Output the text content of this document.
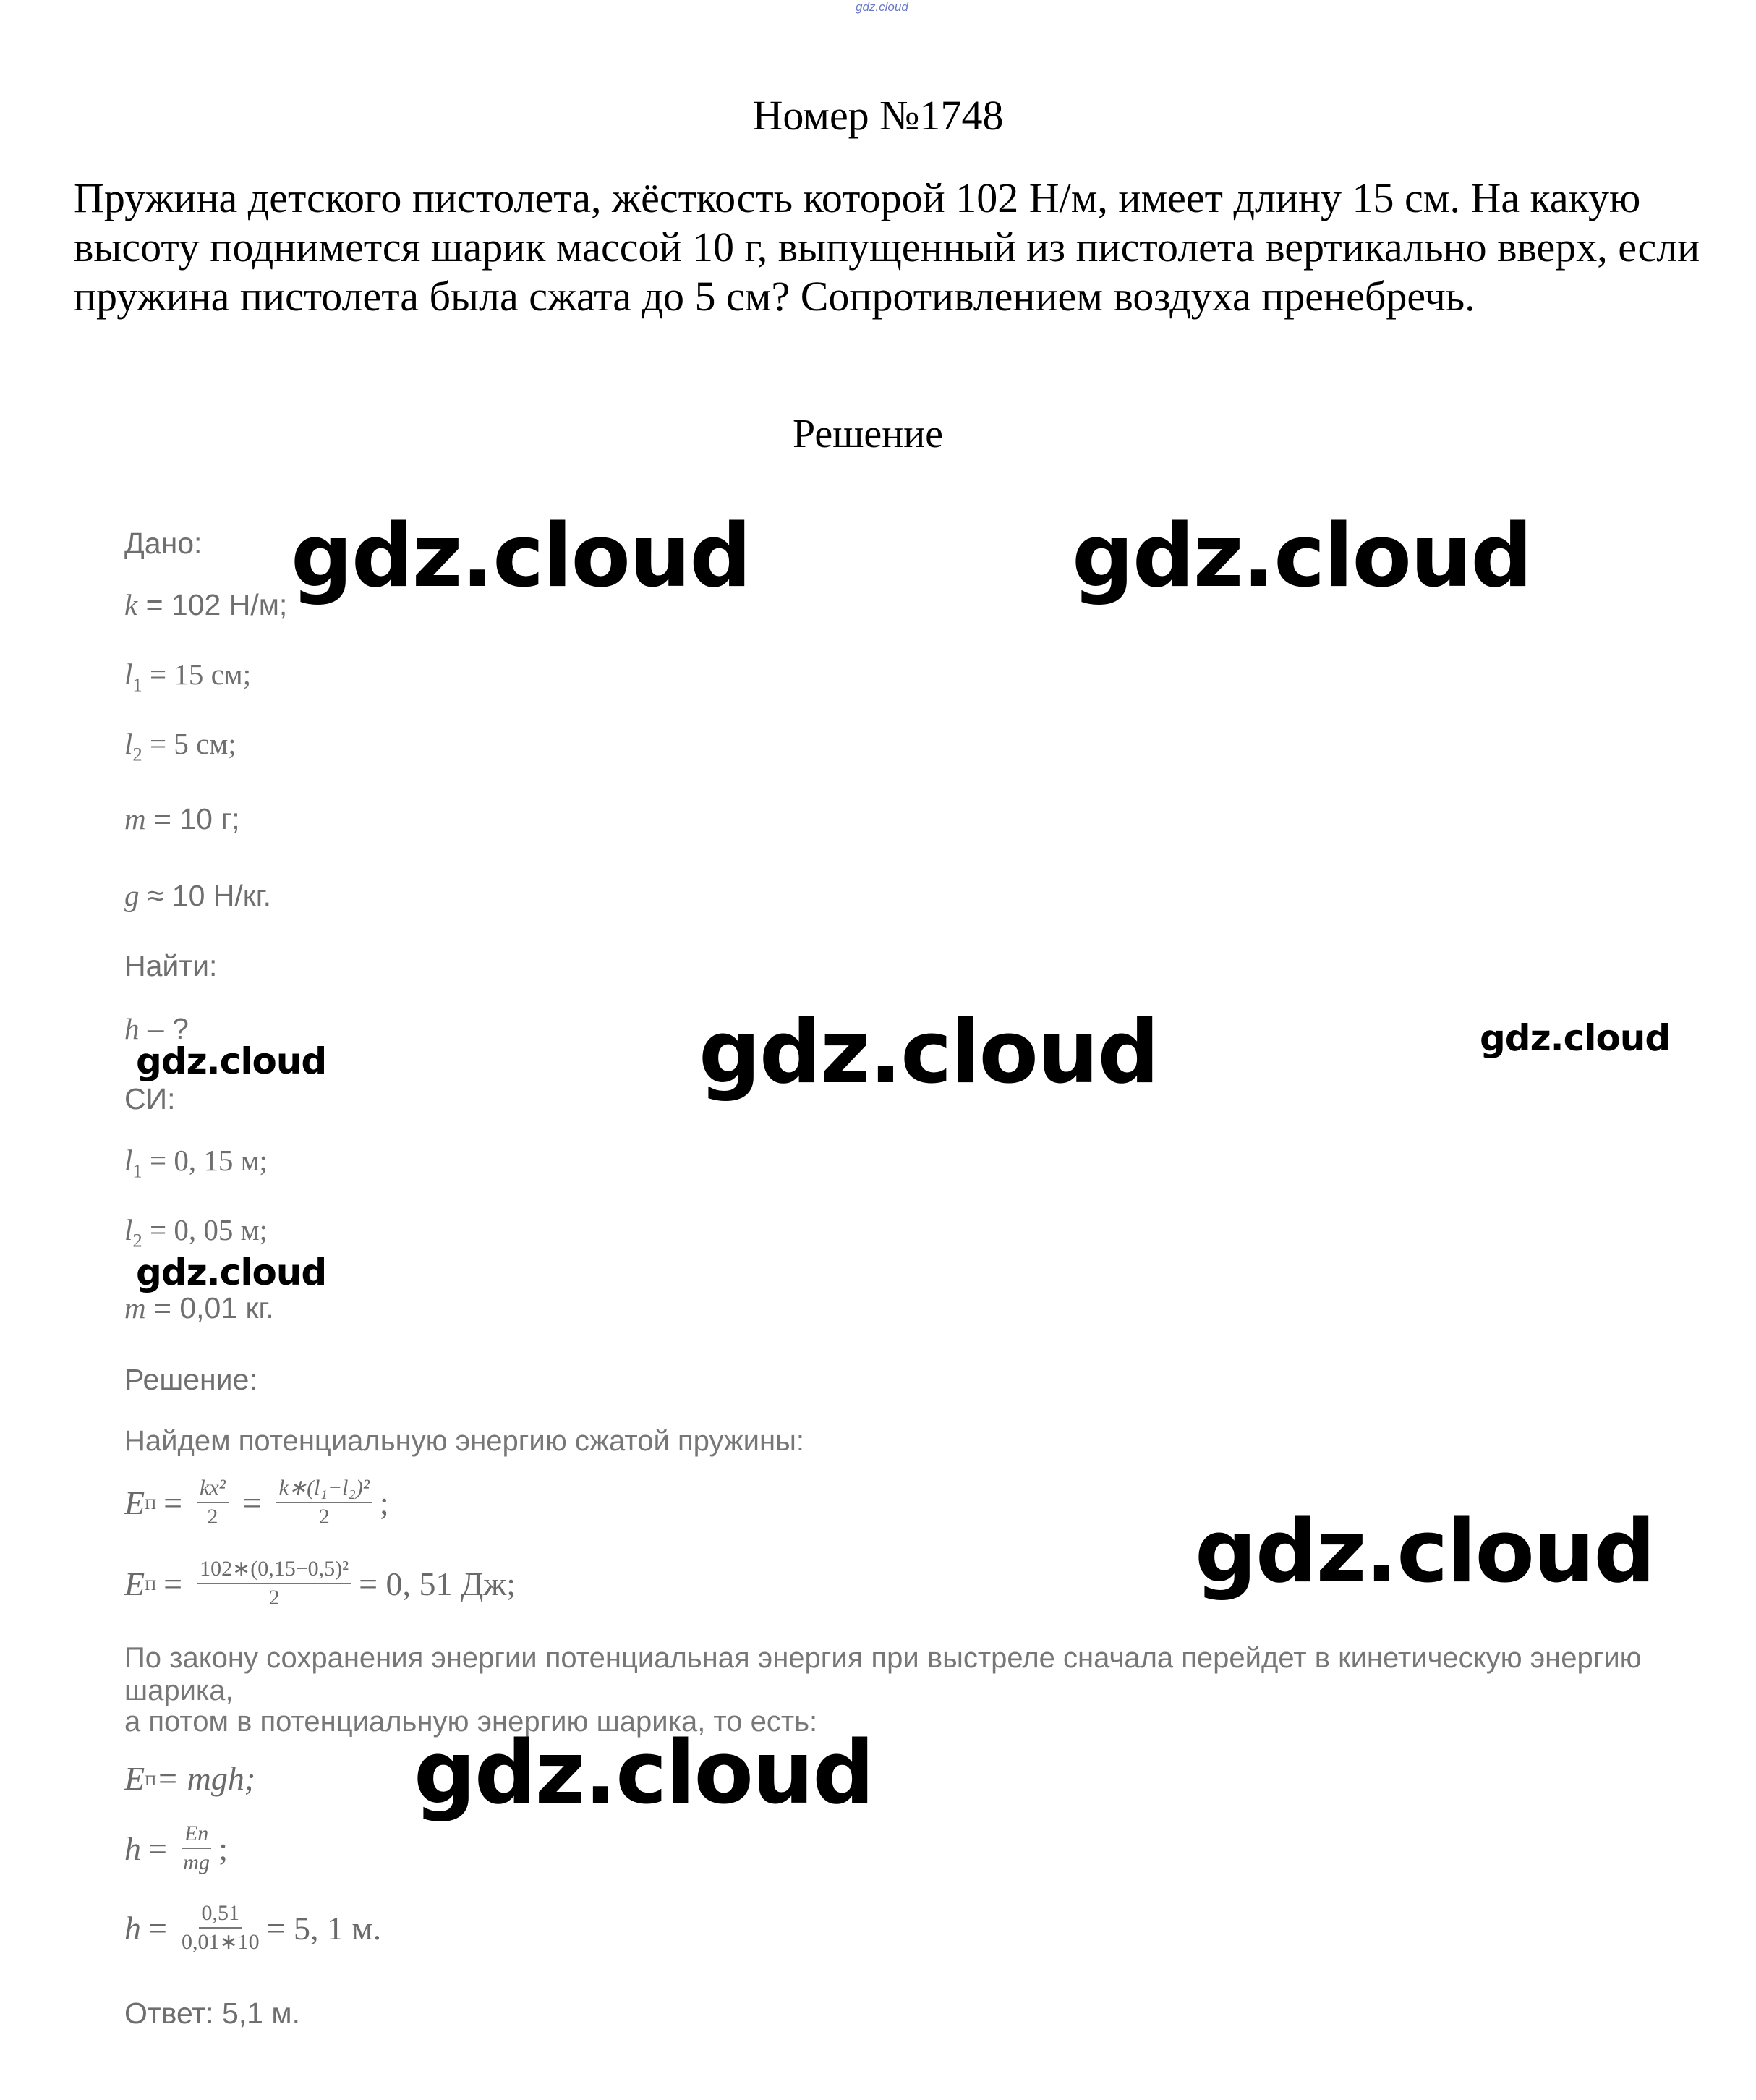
gdz.cloud
Номер №1748
Пружина детского пистолета, жёсткость которой 102 Н/м, имеет длину 15 см. На какую высоту поднимется шарик массой 10 г, выпущенный из пистолета вертикально вверх, если пружина пистолета была сжата до 5 см? Сопротивлением воздуха пренебречь.
Решение
Дано:
k = 102 Н/м;
$l_1 = 15$ см;
$l_2 = 5$ см;
m = 10 г;
g ≈ 10 Н/кг.
Найти:
h – ?
СИ:
$l_1 = 0$, 15 м;
$l_2 = 0$, 05 м;
m = 0,01 кг.
Решение:
Найдем потенциальную энергию сжатой пружины:
E $п = \frac{\text{kx²}}{2} = \frac{\text{k∗(l₁−l₂)²}}{2}$ ;
E $п = \frac{\text{102∗(0,15−0,5)²}}{2} = 0$, 51 Дж;
По закону сохранения энергии потенциальная энергия при выстреле сначала перейдет в кинетическую энергию шарика,
а потом в потенциальную энергию шарика, то есть:
E п = mgh;
$h = \frac{Eп}{mg}$ ;
$h = \frac{0,51}{0,01∗10} = 5$, 1 м.
Ответ: 5,1 м.
gdz.cloud	gdz.cloud
gdz.cloud	gdz.cloud
gdz.cloud
gdz.cloud
gdz.cloud
gdz.cloud
